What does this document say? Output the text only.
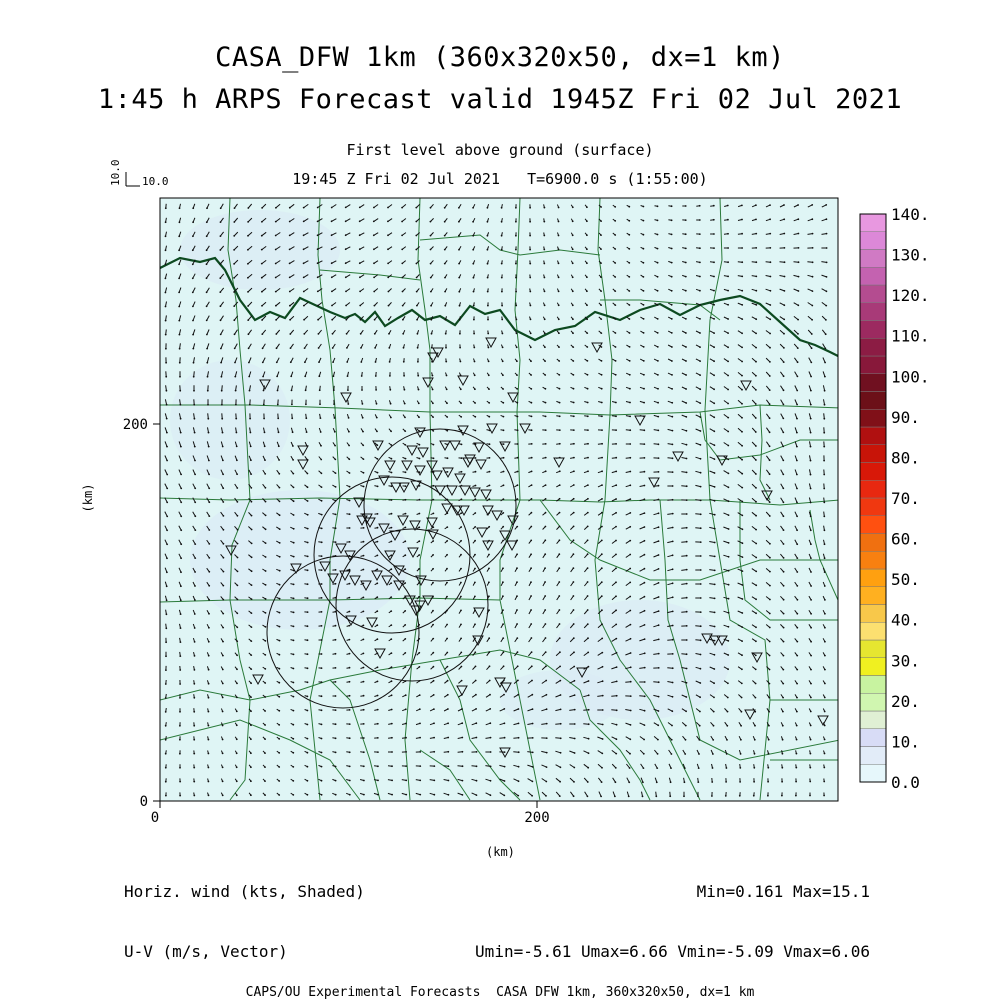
CASA_DFW 1km (360x320x50, dx=1 km)
1:45 h ARPS Forecast valid 1945Z Fri 02 Jul 2021
First level above ground (surface)
19:45 Z Fri 02 Jul 2021   T=6900.0 s (1:55:00)
10.0 10.0
0	200
0
200
(km)
0.0
10.
20.
30.
40.
50.
60.
70.
80.
90.
100.
110.
120.
130.
140.

Horiz. wind (kts, Shaded)

U-V (m/s, Vector)

(km)

Min=0.161 Max=15.1

Umin=-5.61 Umax=6.66 Vmin=-5.09 Vmax=6.06

CAPS/OU Experimental Forecasts  CASA DFW 1km, 360x320x50, dx=1 km
